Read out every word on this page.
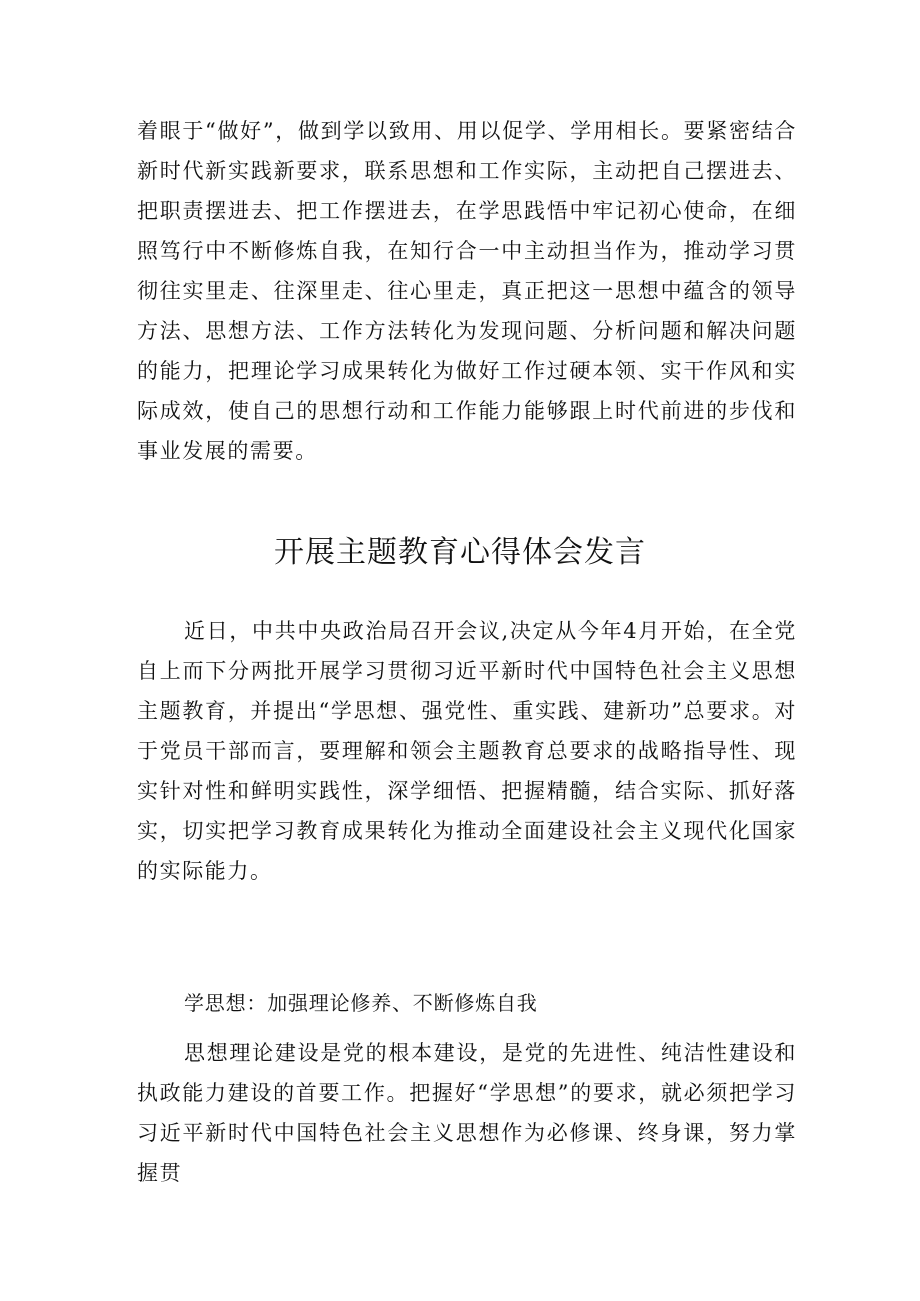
着眼于“做好”，做到学以致用、用以促学、学用相长。要紧密结合新时代新实践新要求，联系思想和工作实际，主动把自己摆进去、把职责摆进去、把工作摆进去，在学思践悟中牢记初心使命，在细照笃行中不断修炼自我，在知行合一中主动担当作为，推动学习贯彻往实里走、往深里走、往心里走，真正把这一思想中蕴含的领导方法、思想方法、工作方法转化为发现问题、分析问题和解决问题的能力，把理论学习成果转化为做好工作过硬本领、实干作风和实际成效，使自己的思想行动和工作能力能够跟上时代前进的步伐和事业发展的需要。

开展主题教育心得体会发言

近日，中共中央政治局召开会议,决定从今年4月开始，在全党自上而下分两批开展学习贯彻习近平新时代中国特色社会主义思想主题教育，并提出“学思想、强党性、重实践、建新功”总要求。对于党员干部而言，要理解和领会主题教育总要求的战略指导性、现实针对性和鲜明实践性，深学细悟、把握精髓，结合实际、抓好落实，切实把学习教育成果转化为推动全面建设社会主义现代化国家的实际能力。

学思想：加强理论修养、不断修炼自我

思想理论建设是党的根本建设，是党的先进性、纯洁性建设和执政能力建设的首要工作。把握好“学思想”的要求，就必须把学习习近平新时代中国特色社会主义思想作为必修课、终身课，努力掌握贯
